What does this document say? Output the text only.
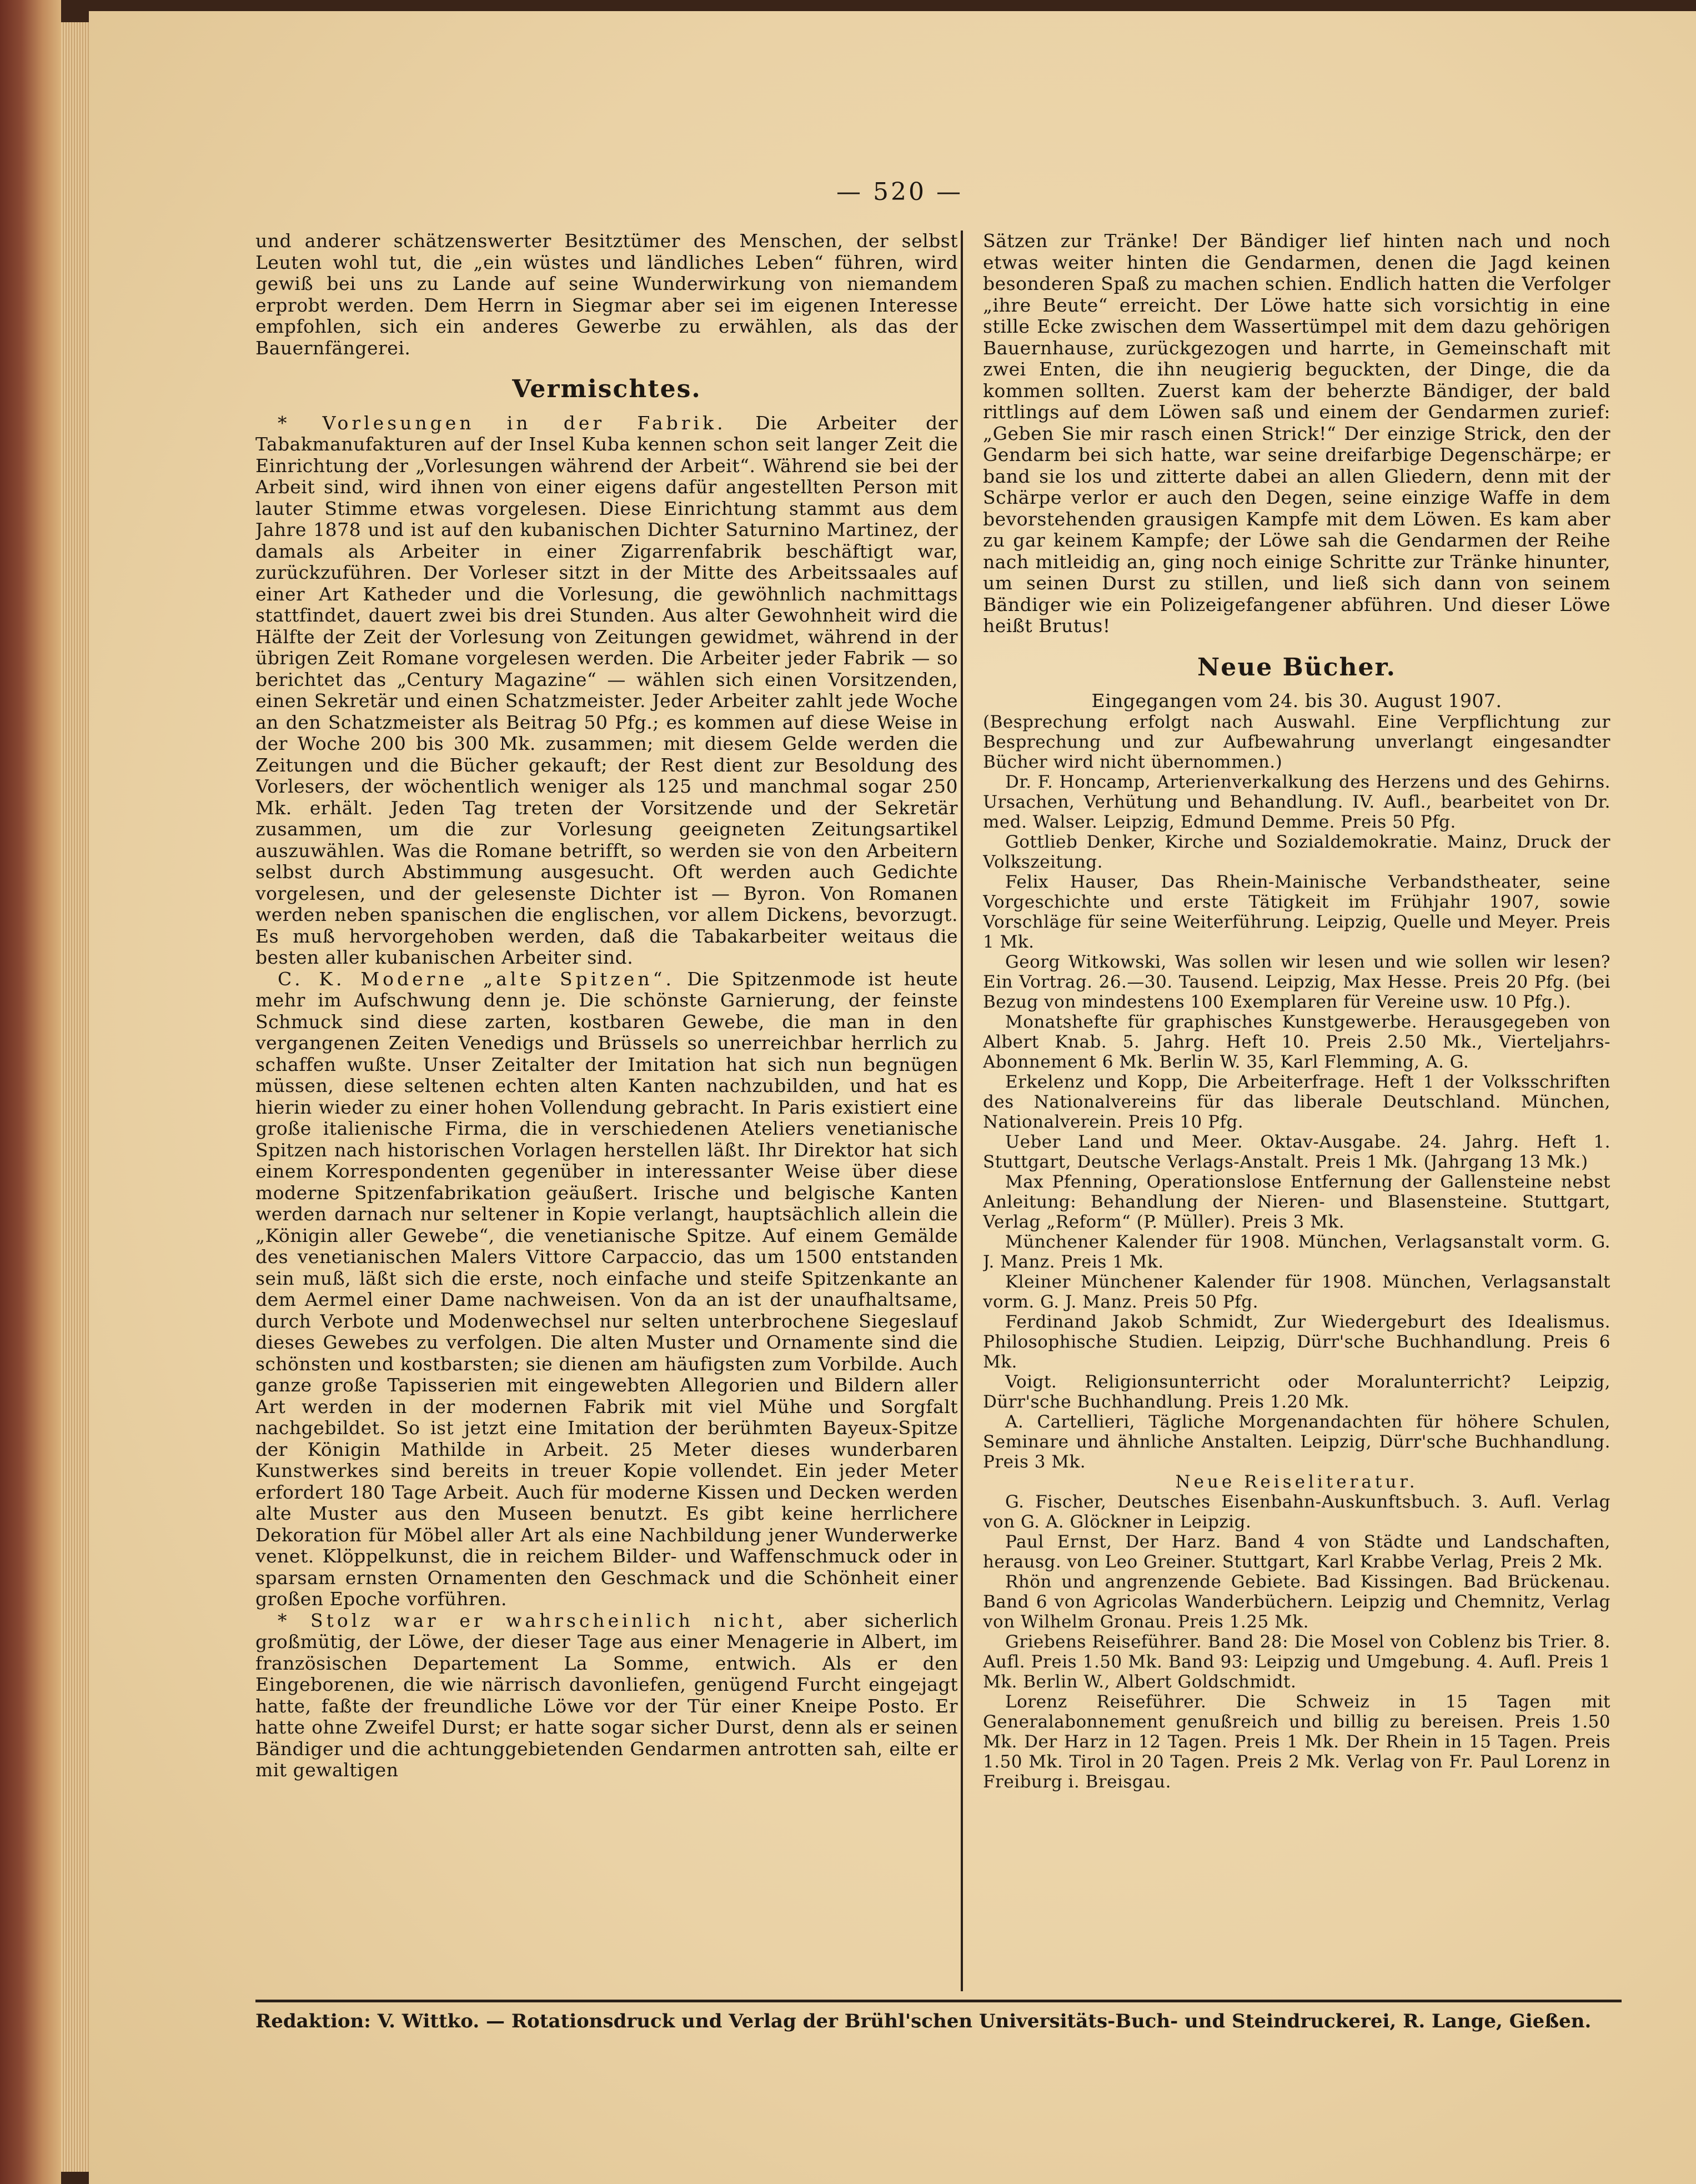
— 520 —

und anderer schätzenswerter Besitztümer des Menschen, der selbst Leuten wohl tut, die „ein wüstes und ländliches Leben“ führen, wird gewiß bei uns zu Lande auf seine Wunderwirkung von niemandem erprobt werden. Dem Herrn in Siegmar aber sei im eigenen Interesse empfohlen, sich ein anderes Gewerbe zu erwählen, als das der Bauernfängerei.

Vermischtes.

* Vorlesungen in der Fabrik. Die Arbeiter der Tabakmanufakturen auf der Insel Kuba kennen schon seit langer Zeit die Einrichtung der „Vorlesungen während der Arbeit“. Während sie bei der Arbeit sind, wird ihnen von einer eigens dafür angestellten Person mit lauter Stimme etwas vorgelesen. Diese Einrichtung stammt aus dem Jahre 1878 und ist auf den kubanischen Dichter Saturnino Martinez, der damals als Arbeiter in einer Zigarrenfabrik beschäftigt war, zurückzuführen. Der Vorleser sitzt in der Mitte des Arbeitssaales auf einer Art Katheder und die Vorlesung, die gewöhnlich nachmittags stattfindet, dauert zwei bis drei Stunden. Aus alter Gewohnheit wird die Hälfte der Zeit der Vorlesung von Zeitungen gewidmet, während in der übrigen Zeit Romane vorgelesen werden. Die Arbeiter jeder Fabrik — so berichtet das „Century Magazine“ — wählen sich einen Vorsitzenden, einen Sekretär und einen Schatzmeister. Jeder Arbeiter zahlt jede Woche an den Schatzmeister als Beitrag 50 Pfg.; es kommen auf diese Weise in der Woche 200 bis 300 Mk. zusammen; mit diesem Gelde werden die Zeitungen und die Bücher gekauft; der Rest dient zur Besoldung des Vorlesers, der wöchentlich weniger als 125 und manchmal sogar 250 Mk. erhält. Jeden Tag treten der Vorsitzende und der Sekretär zusammen, um die zur Vorlesung geeigneten Zeitungsartikel auszuwählen. Was die Romane betrifft, so werden sie von den Arbeitern selbst durch Abstimmung ausgesucht. Oft werden auch Gedichte vorgelesen, und der gelesenste Dichter ist — Byron. Von Romanen werden neben spanischen die englischen, vor allem Dickens, bevorzugt. Es muß hervorgehoben werden, daß die Tabakarbeiter weitaus die besten aller kubanischen Arbeiter sind.

C. K. Moderne „alte Spitzen“. Die Spitzenmode ist heute mehr im Aufschwung denn je. Die schönste Garnierung, der feinste Schmuck sind diese zarten, kostbaren Gewebe, die man in den vergangenen Zeiten Venedigs und Brüssels so unerreichbar herrlich zu schaffen wußte. Unser Zeitalter der Imitation hat sich nun begnügen müssen, diese seltenen echten alten Kanten nachzubilden, und hat es hierin wieder zu einer hohen Vollendung gebracht. In Paris existiert eine große italienische Firma, die in verschiedenen Ateliers venetianische Spitzen nach historischen Vorlagen herstellen läßt. Ihr Direktor hat sich einem Korrespondenten gegenüber in interessanter Weise über diese moderne Spitzenfabrikation geäußert. Irische und belgische Kanten werden darnach nur seltener in Kopie verlangt, hauptsächlich allein die „Königin aller Gewebe“, die venetianische Spitze. Auf einem Gemälde des venetianischen Malers Vittore Carpaccio, das um 1500 entstanden sein muß, läßt sich die erste, noch einfache und steife Spitzenkante an dem Aermel einer Dame nachweisen. Von da an ist der unaufhaltsame, durch Verbote und Modenwechsel nur selten unterbrochene Siegeslauf dieses Gewebes zu verfolgen. Die alten Muster und Ornamente sind die schönsten und kostbarsten; sie dienen am häufigsten zum Vorbilde. Auch ganze große Tapisserien mit eingewebten Allegorien und Bildern aller Art werden in der modernen Fabrik mit viel Mühe und Sorgfalt nachgebildet. So ist jetzt eine Imitation der berühmten Bayeux-Spitze der Königin Mathilde in Arbeit. 25 Meter dieses wunderbaren Kunstwerkes sind bereits in treuer Kopie vollendet. Ein jeder Meter erfordert 180 Tage Arbeit. Auch für moderne Kissen und Decken werden alte Muster aus den Museen benutzt. Es gibt keine herrlichere Dekoration für Möbel aller Art als eine Nachbildung jener Wunderwerke venet. Klöppelkunst, die in reichem Bilder- und Waffenschmuck oder in sparsam ernsten Ornamenten den Geschmack und die Schönheit einer großen Epoche vorführen.

* Stolz war er wahrscheinlich nicht, aber sicherlich großmütig, der Löwe, der dieser Tage aus einer Menagerie in Albert, im französischen Departement La Somme, entwich. Als er den Eingeborenen, die wie närrisch davonliefen, genügend Furcht eingejagt hatte, faßte der freundliche Löwe vor der Tür einer Kneipe Posto. Er hatte ohne Zweifel Durst; er hatte sogar sicher Durst, denn als er seinen Bändiger und die achtunggebietenden Gendarmen antrotten sah, eilte er mit gewaltigen

Sätzen zur Tränke! Der Bändiger lief hinten nach und noch etwas weiter hinten die Gendarmen, denen die Jagd keinen besonderen Spaß zu machen schien. Endlich hatten die Verfolger „ihre Beute“ erreicht. Der Löwe hatte sich vorsichtig in eine stille Ecke zwischen dem Wassertümpel mit dem dazu gehörigen Bauernhause, zurückgezogen und harrte, in Gemeinschaft mit zwei Enten, die ihn neugierig beguckten, der Dinge, die da kommen sollten. Zuerst kam der beherzte Bändiger, der bald rittlings auf dem Löwen saß und einem der Gendarmen zurief: „Geben Sie mir rasch einen Strick!“ Der einzige Strick, den der Gendarm bei sich hatte, war seine dreifarbige Degenschärpe; er band sie los und zitterte dabei an allen Gliedern, denn mit der Schärpe verlor er auch den Degen, seine einzige Waffe in dem bevorstehenden grausigen Kampfe mit dem Löwen. Es kam aber zu gar keinem Kampfe; der Löwe sah die Gendarmen der Reihe nach mitleidig an, ging noch einige Schritte zur Tränke hinunter, um seinen Durst zu stillen, und ließ sich dann von seinem Bändiger wie ein Polizeigefangener abführen. Und dieser Löwe heißt Brutus!

Neue Bücher.

Eingegangen vom 24. bis 30. August 1907.

(Besprechung erfolgt nach Auswahl. Eine Verpflichtung zur Besprechung und zur Aufbewahrung unverlangt eingesandter Bücher wird nicht übernommen.)

Dr. F. Honcamp, Arterienverkalkung des Herzens und des Gehirns. Ursachen, Verhütung und Behandlung. IV. Aufl., bearbeitet von Dr. med. Walser. Leipzig, Edmund Demme. Preis 50 Pfg.

Gottlieb Denker, Kirche und Sozialdemokratie. Mainz, Druck der Volkszeitung.

Felix Hauser, Das Rhein-Mainische Verbandstheater, seine Vorgeschichte und erste Tätigkeit im Frühjahr 1907, sowie Vorschläge für seine Weiterführung. Leipzig, Quelle und Meyer. Preis 1 Mk.

Georg Witkowski, Was sollen wir lesen und wie sollen wir lesen? Ein Vortrag. 26.—30. Tausend. Leipzig, Max Hesse. Preis 20 Pfg. (bei Bezug von mindestens 100 Exemplaren für Vereine usw. 10 Pfg.).

Monatshefte für graphisches Kunstgewerbe. Herausgegeben von Albert Knab. 5. Jahrg. Heft 10. Preis 2.50 Mk., Vierteljahrs-Abonnement 6 Mk. Berlin W. 35, Karl Flemming, A. G.

Erkelenz und Kopp, Die Arbeiterfrage. Heft 1 der Volksschriften des Nationalvereins für das liberale Deutschland. München, Nationalverein. Preis 10 Pfg.

Ueber Land und Meer. Oktav-Ausgabe. 24. Jahrg. Heft 1. Stuttgart, Deutsche Verlags-Anstalt. Preis 1 Mk. (Jahrgang 13 Mk.)

Max Pfenning, Operationslose Entfernung der Gallensteine nebst Anleitung: Behandlung der Nieren- und Blasensteine. Stuttgart, Verlag „Reform“ (P. Müller). Preis 3 Mk.

Münchener Kalender für 1908. München, Verlagsanstalt vorm. G. J. Manz. Preis 1 Mk.

Kleiner Münchener Kalender für 1908. München, Verlagsanstalt vorm. G. J. Manz. Preis 50 Pfg.

Ferdinand Jakob Schmidt, Zur Wiedergeburt des Idealismus. Philosophische Studien. Leipzig, Dürr'sche Buchhandlung. Preis 6 Mk.

Voigt. Religionsunterricht oder Moralunterricht? Leipzig, Dürr'sche Buchhandlung. Preis 1.20 Mk.

A. Cartellieri, Tägliche Morgenandachten für höhere Schulen, Seminare und ähnliche Anstalten. Leipzig, Dürr'sche Buchhandlung. Preis 3 Mk.

Neue Reiseliteratur.

G. Fischer, Deutsches Eisenbahn-Auskunftsbuch. 3. Aufl. Verlag von G. A. Glöckner in Leipzig.

Paul Ernst, Der Harz. Band 4 von Städte und Landschaften, herausg. von Leo Greiner. Stuttgart, Karl Krabbe Verlag, Preis 2 Mk.

Rhön und angrenzende Gebiete. Bad Kissingen. Bad Brückenau. Band 6 von Agricolas Wanderbüchern. Leipzig und Chemnitz, Verlag von Wilhelm Gronau. Preis 1.25 Mk.

Griebens Reiseführer. Band 28: Die Mosel von Coblenz bis Trier. 8. Aufl. Preis 1.50 Mk. Band 93: Leipzig und Umgebung. 4. Aufl. Preis 1 Mk. Berlin W., Albert Goldschmidt.

Lorenz Reiseführer. Die Schweiz in 15 Tagen mit Generalabonnement genußreich und billig zu bereisen. Preis 1.50 Mk. Der Harz in 12 Tagen. Preis 1 Mk. Der Rhein in 15 Tagen. Preis 1.50 Mk. Tirol in 20 Tagen. Preis 2 Mk. Verlag von Fr. Paul Lorenz in Freiburg i. Breisgau.

Redaktion: V. Wittko. — Rotationsdruck und Verlag der Brühl'schen Universitäts-Buch- und Steindruckerei, R. Lange, Gießen.
